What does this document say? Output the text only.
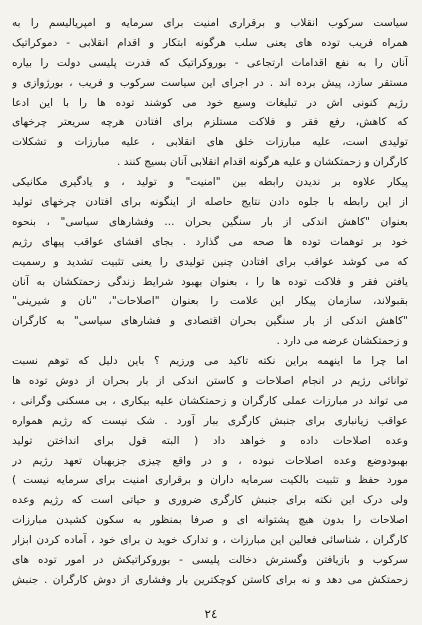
سیاست سرکوب انقلاب و برقراری امنیت برای سرمایه و امپریالیسم را به
همراه فریب توده های یعنی سلب هرگونه ابتکار و اقدام انقلابی - دموکراتیک
آنان را به نفع اقدامات ارتجاعی - بوروکراتیک که قدرت پلیسی دولت را بیاره
مستقر سازد، پیش برده اند . در اجرای این سیاست سرکوب و فریب ، بورژوازی و
رژیم کنونی اش در تبلیغات وسیع خود می کوشند توده ها را با این ادعا
که کاهش، رفع فقر و فلاکت مستلزم برای افتادن هرچه سریعتر چرخهای
تولیدی است، علیه مبارزات خلق های انقلابی ، علیه مبارزات و تشکلات
کارگران و زحمتکشان و علیه هرگونه اقدام انقلابی آنان بسیج کنند .
پیکار علاوه بر ندیدن رابطه بین "امنیت" و تولید ، و یادگیری مکانیکی
از این رابطه با جلوه دادن نتایج حاصله از اینگونه برای افتادن چرخهای تولید
بعنوان "کاهش اندکی از بار سنگین بحران ... وفشارهای سیاسی" ، بنحوه
خود بر توهمات توده ها صحه می گذارد . بجای افشای عواقب پیهای رژیم
که می کوشد عواقب برای افتادن چنین تولیدی را یعنی تثبیت تشدید و رسمیت
یافتن فقر و فلاکت توده ها را ، بعنوان بهبود شرایط زندگی زحمتکشان به آنان
بقبولاند، سازمان پیکار این علامت را بعنوان "اصلاحات"، "نان و شیرینی"
"کاهش اندکی از بار سنگین بحران اقتصادی و فشارهای سیاسی" به کارگران
و زحمتکشان عرضه می دارد .
اما چرا ما اینهمه براین نکته تاکید می ورزیم ؟ باین دلیل که توهم نسبت
توانائی رژیم در انجام اصلاحات و کاستن اندکی از بار بحران از دوش توده ها
می تواند در مبارزات عملی کارگران و زحمتکشان علیه بیکاری ، بی مسکنی وگرانی ،
عواقب زیانباری برای جنبش کارگری ببار آورد . شک نیست که رژیم همواره
وعده اصلاحات داده و خواهد داد ( البته قول برای انداختن تولید
بهبودوضع وعده اصلاحات نبوده ، و در واقع چیزی جزبهبان تعهد رژیم در
مورد حفظ و تثبیت بالکیت سرمایه داران و برقراری امنیت برای سرمایه نیست )
ولی درک این نکته برای جنبش کارگری ضروری و حیاتی است که رژیم وعده
اصلاحات را بدون هیچ پشتوانه ای و صرفا بمنظور به سکون کشیدن مبارزات
کارگران ، شناسائی فعالین این مبارزات ، و تدارک خوید ن برای خود ، آماده کردن ابزار
سرکوب و بازیافتن وگسترش دخالت پلیسی - بوروکراتیکش در امور توده های
زحمتکش می دهد و نه برای کاستن کوچکترین بار وفشاری از دوش کارگران . جنبش
٢٤
